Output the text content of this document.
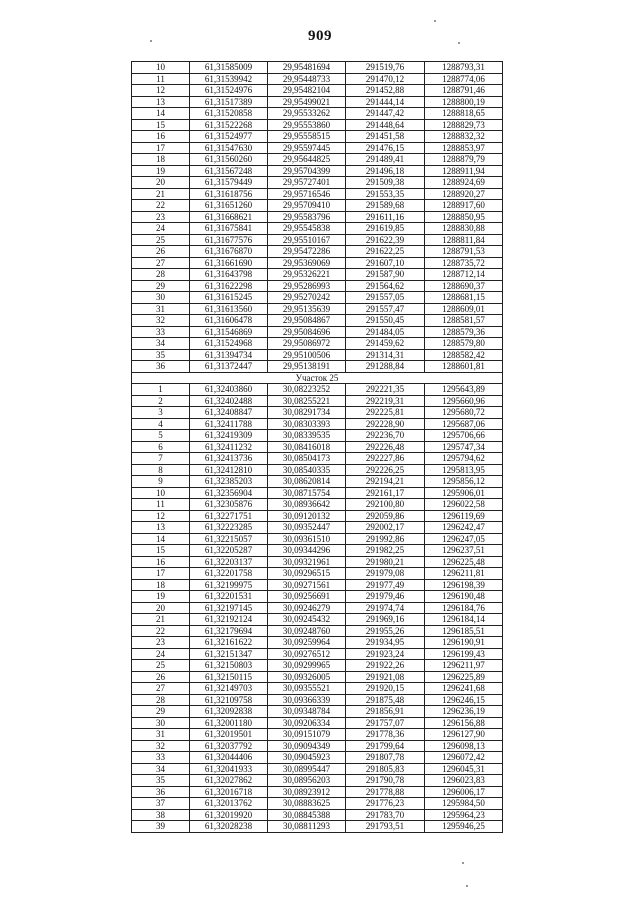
909
10	61,31585009	29,95481694	291519,76	1288793,31
11	61,31539942	29,95448733	291470,12	1288774,06
12	61,31524976	29,95482104	291452,88	1288791,46
13	61,31517389	29,95499021	291444,14	1288800,19
14	61,31520858	29,95533262	291447,42	1288818,65
15	61,31522268	29,95553860	291448,64	1288829,73
16	61,31524977	29,95558515	291451,58	1288832,32
17	61,31547630	29,95597445	291476,15	1288853,97
18	61,31560260	29,95644825	291489,41	1288879,79
19	61,31567248	29,95704399	291496,18	1288911,94
20	61,31579449	29,95727401	291509,38	1288924,69
21	61,31618756	29,95716546	291553,35	1288920,27
22	61,31651260	29,95709410	291589,68	1288917,60
23	61,31668621	29,95583796	291611,16	1288850,95
24	61,31675841	29,95545838	291619,85	1288830,88
25	61,31677576	29,95510167	291622,39	1288811,84
26	61,31676870	29,95472286	291622,25	1288791,53
27	61,31661690	29,95369069	291607,10	1288735,72
28	61,31643798	29,95326221	291587,90	1288712,14
29	61,31622298	29,95286993	291564,62	1288690,37
30	61,31615245	29,95270242	291557,05	1288681,15
31	61,31613560	29,95135639	291557,47	1288609,01
32	61,31606478	29,95084867	291550,45	1288581,57
33	61,31546869	29,95084696	291484,05	1288579,36
34	61,31524968	29,95086972	291459,62	1288579,80
35	61,31394734	29,95100506	291314,31	1288582,42
36	61,31372447	29,95138191	291288,84	1288601,81
Участок 25				
1	61,32403860	30,08223252	292221,35	1295643,89
2	61,32402488	30,08255221	292219,31	1295660,96
3	61,32408847	30,08291734	292225,81	1295680,72
4	61,32411788	30,08303393	292228,90	1295687,06
5	61,32419309	30,08339535	292236,70	1295706,66
6	61,32411232	30,08416018	292226,48	1295747,34
7	61,32413736	30,08504173	292227,86	1295794,62
8	61,32412810	30,08540335	292226,25	1295813,95
9	61,32385203	30,08620814	292194,21	1295856,12
10	61,32356904	30,08715754	292161,17	1295906,01
11	61,32305876	30,08936642	292100,80	1296022,58
12	61,32271751	30,09120132	292059,86	1296119,69
13	61,32223285	30,09352447	292002,17	1296242,47
14	61,32215057	30,09361510	291992,86	1296247,05
15	61,32205287	30,09344296	291982,25	1296237,51
16	61,32203137	30,09321961	291980,21	1296225,48
17	61,32201758	30,09296515	291979,08	1296211,81
18	61,32199975	30,09271561	291977,49	1296198,39
19	61,32201531	30,09256691	291979,46	1296190,48
20	61,32197145	30,09246279	291974,74	1296184,76
21	61,32192124	30,09245432	291969,16	1296184,14
22	61,32179694	30,09248760	291955,26	1296185,51
23	61,32161622	30,09259964	291934,95	1296190,91
24	61,32151347	30,09276512	291923,24	1296199,43
25	61,32150803	30,09299965	291922,26	1296211,97
26	61,32150115	30,09326005	291921,08	1296225,89
27	61,32149703	30,09355521	291920,15	1296241,68
28	61,32109758	30,09366339	291875,48	1296246,15
29	61,32092838	30,09348784	291856,91	1296236,19
30	61,32001180	30,09206334	291757,07	1296156,88
31	61,32019501	30,09151079	291778,36	1296127,90
32	61,32037792	30,09094349	291799,64	1296098,13
33	61,32044406	30,09045923	291807,78	1296072,42
34	61,32041933	30,08995447	291805,83	1296045,31
35	61,32027862	30,08956203	291790,78	1296023,83
36	61,32016718	30,08923912	291778,88	1296006,17
37	61,32013762	30,08883625	291776,23	1295984,50
38	61,32019920	30,08845388	291783,70	1295964,23
39	61,32028238	30,08811293	291793,51	1295946,25
